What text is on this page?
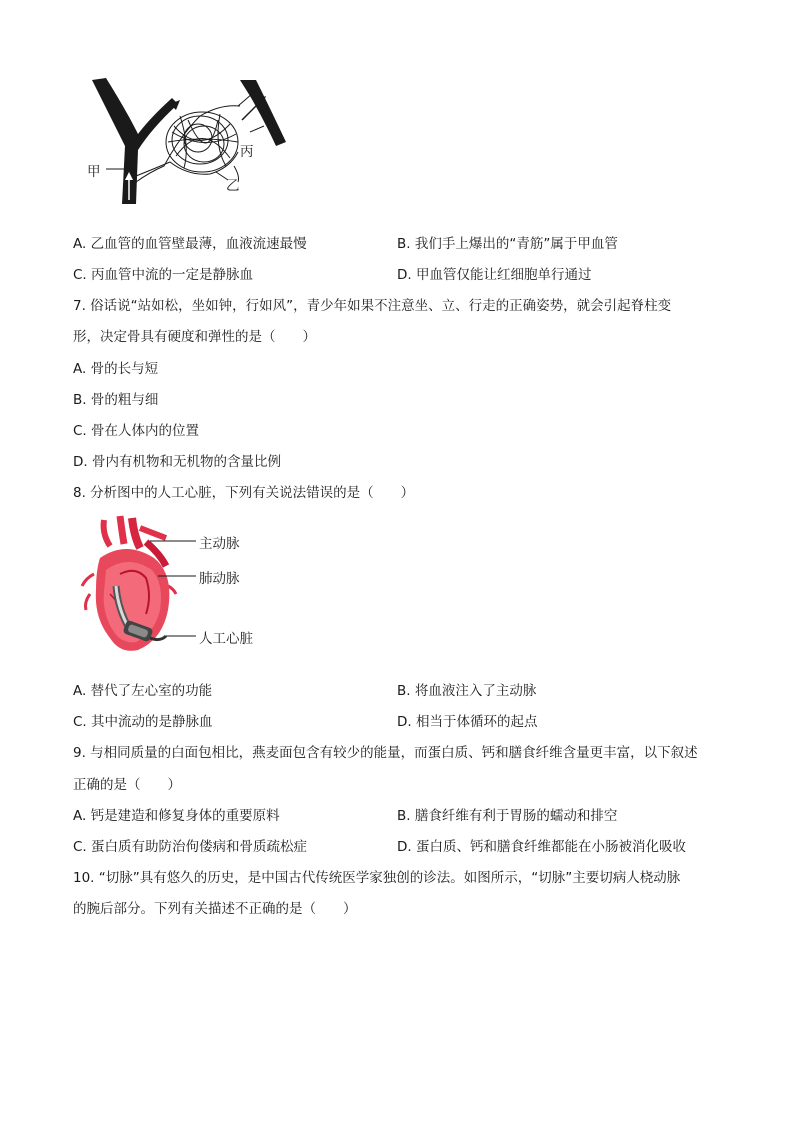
甲
乙
丙
A. 乙血管的血管壁最薄，血液流速最慢	B. 我们手上爆出的“青筋”属于甲血管
C. 丙血管中流的一定是静脉血	D. 甲血管仅能让红细胞单行通过
7. 俗话说“站如松，坐如钟，行如风”，青少年如果不注意坐、立、行走的正确姿势，就会引起脊柱变
形，决定骨具有硬度和弹性的是（　　）
A. 骨的长与短
B. 骨的粗与细
C. 骨在人体内的位置
D. 骨内有机物和无机物的含量比例
8. 分析图中的人工心脏，下列有关说法错误的是（　　）
主动脉
肺动脉
人工心脏
A. 替代了左心室的功能	B. 将血液注入了主动脉
C. 其中流动的是静脉血	D. 相当于体循环的起点
9. 与相同质量的白面包相比，燕麦面包含有较少的能量，而蛋白质、钙和膳食纤维含量更丰富，以下叙述
正确的是（　　）
A. 钙是建造和修复身体的重要原料	B. 膳食纤维有利于胃肠的蠕动和排空
C. 蛋白质有助防治佝偻病和骨质疏松症	D. 蛋白质、钙和膳食纤维都能在小肠被消化吸收
10. “切脉”具有悠久的历史，是中国古代传统医学家独创的诊法。如图所示，“切脉”主要切病人桡动脉
的腕后部分。下列有关描述不正确的是（　　）
